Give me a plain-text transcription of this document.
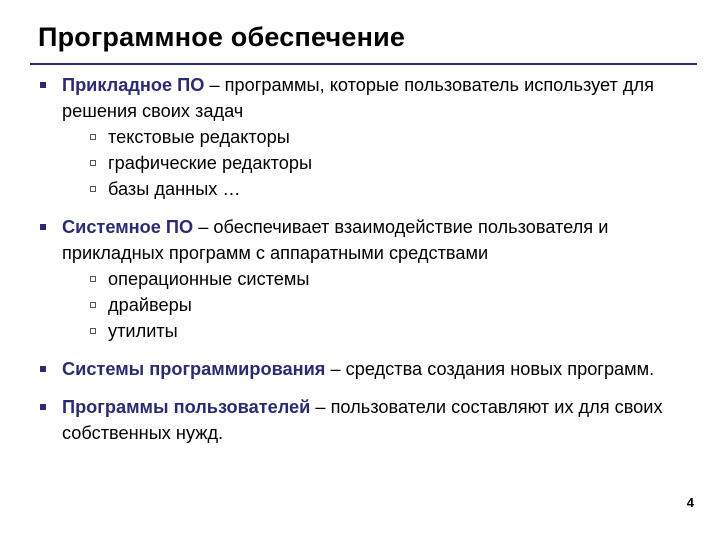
Программное обеспечение
Прикладное ПО – программы, которые пользователь использует для решения своих задач
текстовые редакторы
графические редакторы
базы данных …
Системное ПО – обеспечивает взаимодействие пользователя и прикладных программ с аппаратными средствами
операционные системы
драйверы
утилиты
Системы программирования – средства создания новых программ.
Программы пользователей – пользователи составляют их для своих собственных нужд.
4
